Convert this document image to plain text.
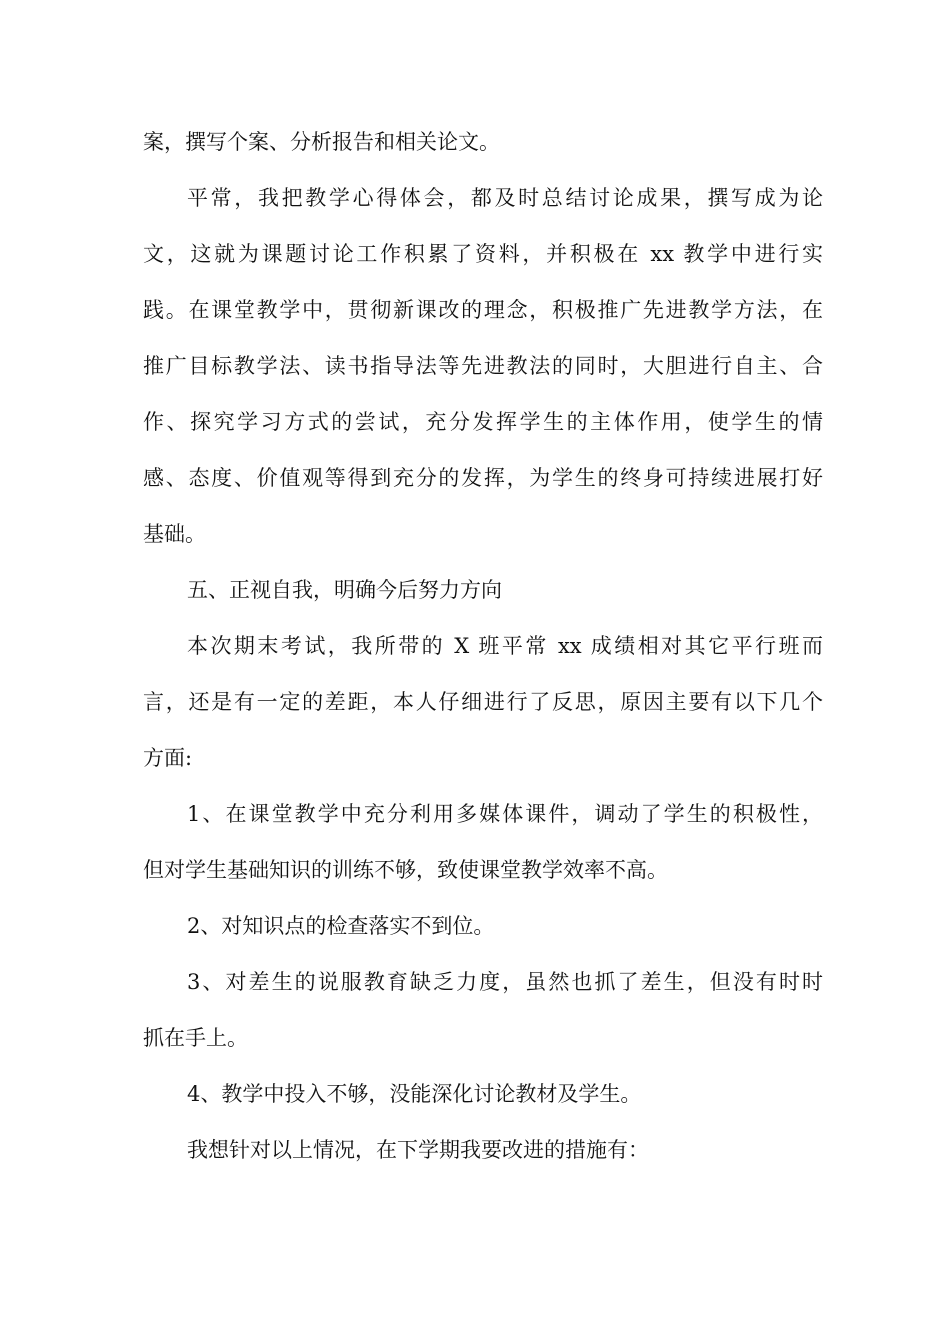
案，撰写个案、分析报告和相关论文。
平常，我把教学心得体会，都及时总结讨论成果，撰写成为论
文，这就为课题讨论工作积累了资料，并积极在 xx 教学中进行实
践。在课堂教学中，贯彻新课改的理念，积极推广先进教学方法，在
推广目标教学法、读书指导法等先进教法的同时，大胆进行自主、合
作、探究学习方式的尝试，充分发挥学生的主体作用，使学生的情
感、态度、价值观等得到充分的发挥，为学生的终身可持续进展打好
基础。
五、正视自我，明确今后努力方向
本次期末考试，我所带的 X 班平常 xx 成绩相对其它平行班而
言，还是有一定的差距，本人仔细进行了反思，原因主要有以下几个
方面:
1、在课堂教学中充分利用多媒体课件，调动了学生的积极性，
但对学生基础知识的训练不够，致使课堂教学效率不高。
2、对知识点的检查落实不到位。
3、对差生的说服教育缺乏力度，虽然也抓了差生，但没有时时
抓在手上。
4、教学中投入不够，没能深化讨论教材及学生。
我想针对以上情况，在下学期我要改进的措施有：
